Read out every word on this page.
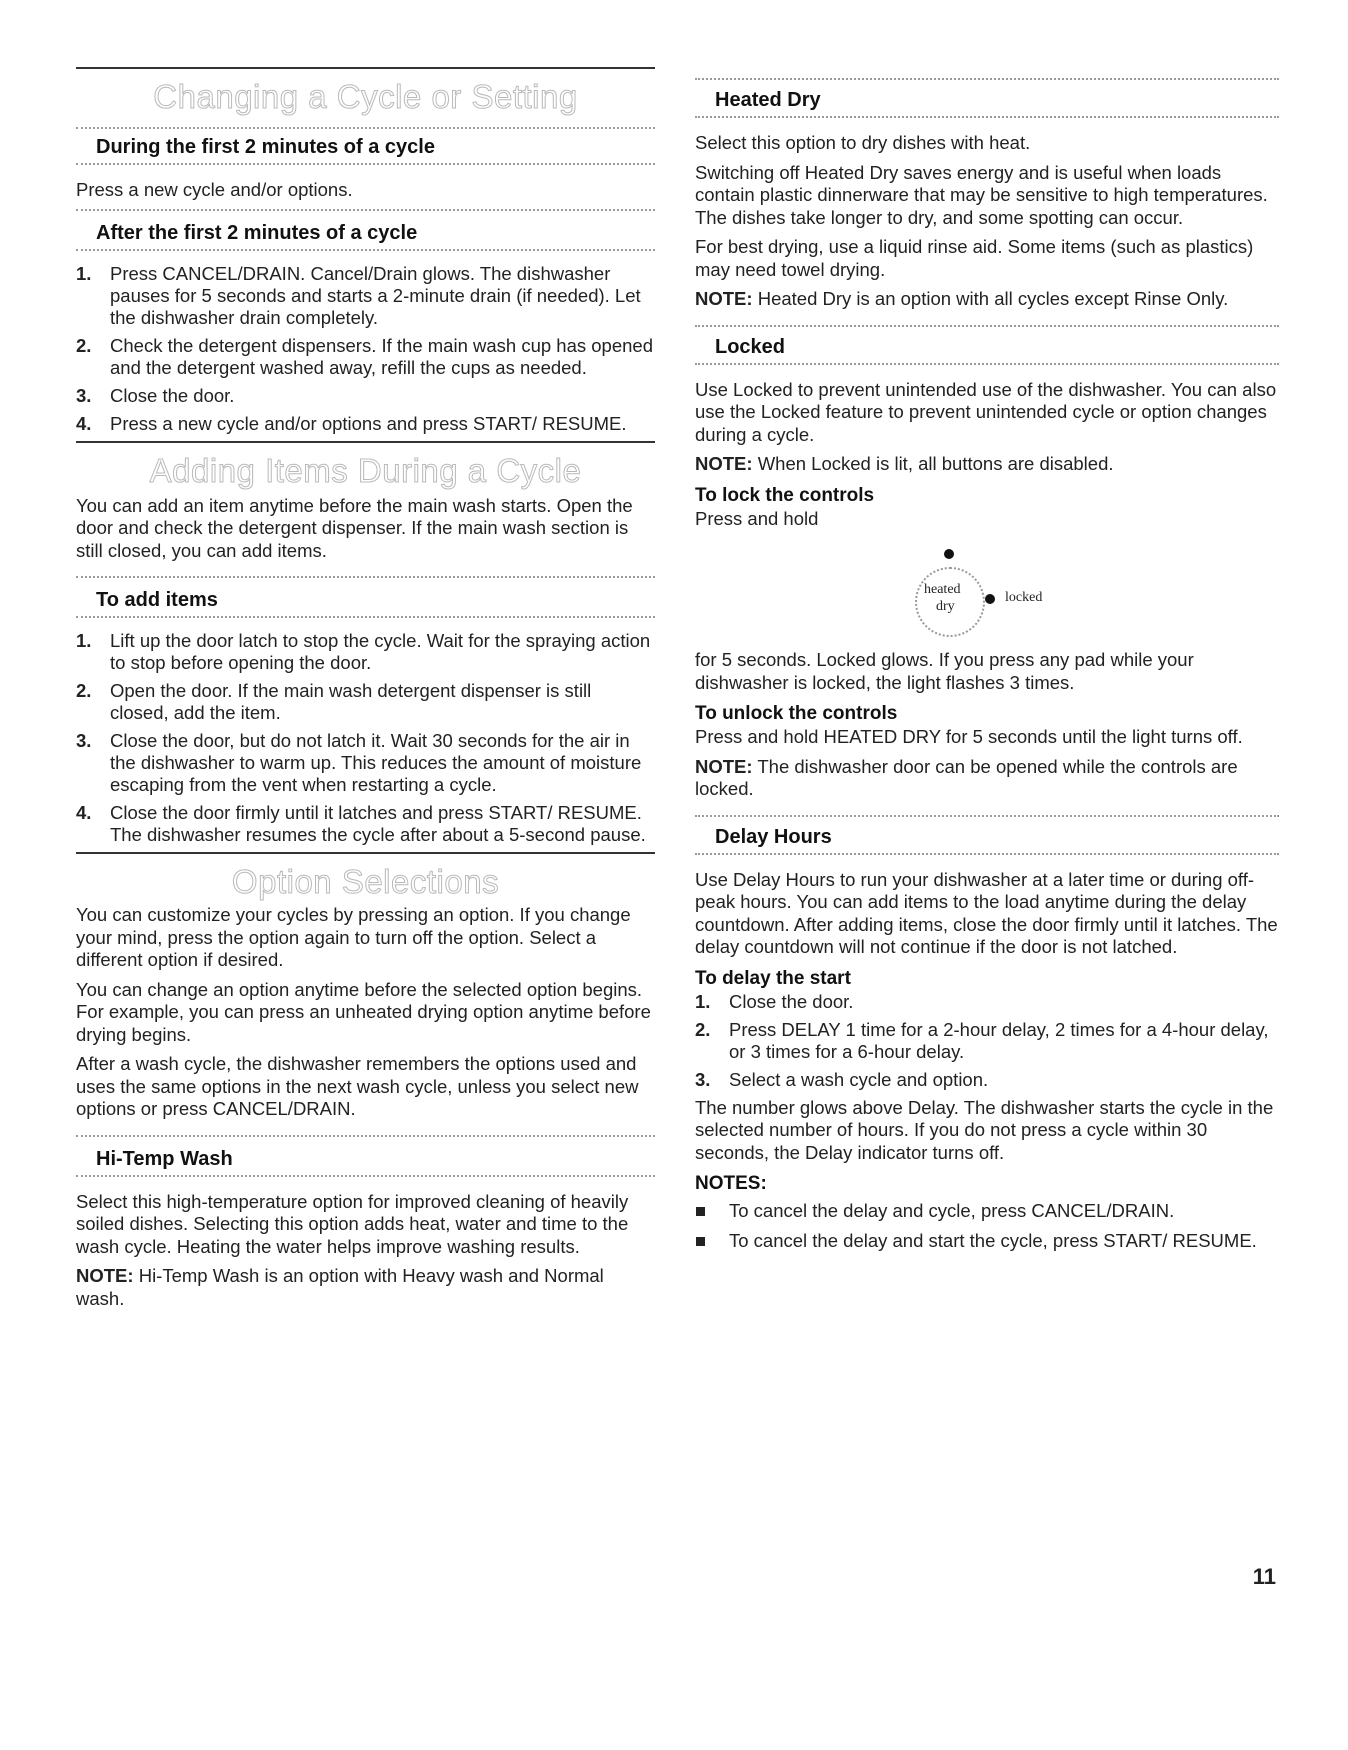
Changing a Cycle or Setting
During the first 2 minutes of a cycle

Press a new cycle and/or options.

After the first 2 minutes of a cycle
1. Press CANCEL/DRAIN. Cancel/Drain glows. The dishwasher pauses for 5 seconds and starts a 2-minute drain (if needed). Let the dishwasher drain completely.
2. Check the detergent dispensers. If the main wash cup has opened and the detergent washed away, refill the cups as needed.
3. Close the door.
4. Press a new cycle and/or options and press START/ RESUME.
Adding Items During a Cycle

You can add an item anytime before the main wash starts. Open the door and check the detergent dispenser. If the main wash section is still closed, you can add items.

To add items
1. Lift up the door latch to stop the cycle. Wait for the spraying action to stop before opening the door.
2. Open the door. If the main wash detergent dispenser is still closed, add the item.
3. Close the door, but do not latch it. Wait 30 seconds for the air in the dishwasher to warm up. This reduces the amount of moisture escaping from the vent when restarting a cycle.
4. Close the door firmly until it latches and press START/ RESUME. The dishwasher resumes the cycle after about a 5-second pause.
Option Selections

You can customize your cycles by pressing an option. If you change your mind, press the option again to turn off the option. Select a different option if desired.

You can change an option anytime before the selected option begins. For example, you can press an unheated drying option anytime before drying begins.

After a wash cycle, the dishwasher remembers the options used and uses the same options in the next wash cycle, unless you select new options or press CANCEL/DRAIN.

Hi-Temp Wash

Select this high-temperature option for improved cleaning of heavily soiled dishes. Selecting this option adds heat, water and time to the wash cycle. Heating the water helps improve washing results.

NOTE: Hi-Temp Wash is an option with Heavy wash and Normal wash.

Heated Dry

Select this option to dry dishes with heat.

Switching off Heated Dry saves energy and is useful when loads contain plastic dinnerware that may be sensitive to high temperatures. The dishes take longer to dry, and some spotting can occur.

For best drying, use a liquid rinse aid. Some items (such as plastics) may need towel drying.

NOTE: Heated Dry is an option with all cycles except Rinse Only.

Locked

Use Locked to prevent unintended use of the dishwasher. You can also use the Locked feature to prevent unintended cycle or option changes during a cycle.

NOTE: When Locked is lit, all buttons are disabled.

To lock the controls

Press and hold

heated
dry
locked

for 5 seconds. Locked glows. If you press any pad while your dishwasher is locked, the light flashes 3 times.

To unlock the controls

Press and hold HEATED DRY for 5 seconds until the light turns off.

NOTE: The dishwasher door can be opened while the controls are locked.

Delay Hours

Use Delay Hours to run your dishwasher at a later time or during off-peak hours. You can add items to the load anytime during the delay countdown. After adding items, close the door firmly until it latches. The delay countdown will not continue if the door is not latched.

To delay the start
1. Close the door.
2. Press DELAY 1 time for a 2-hour delay, 2 times for a 4-hour delay, or 3 times for a 6-hour delay.
3. Select a wash cycle and option.

The number glows above Delay. The dishwasher starts the cycle in the selected number of hours. If you do not press a cycle within 30 seconds, the Delay indicator turns off.

NOTES:
To cancel the delay and cycle, press CANCEL/DRAIN.
To cancel the delay and start the cycle, press START/ RESUME.
11
